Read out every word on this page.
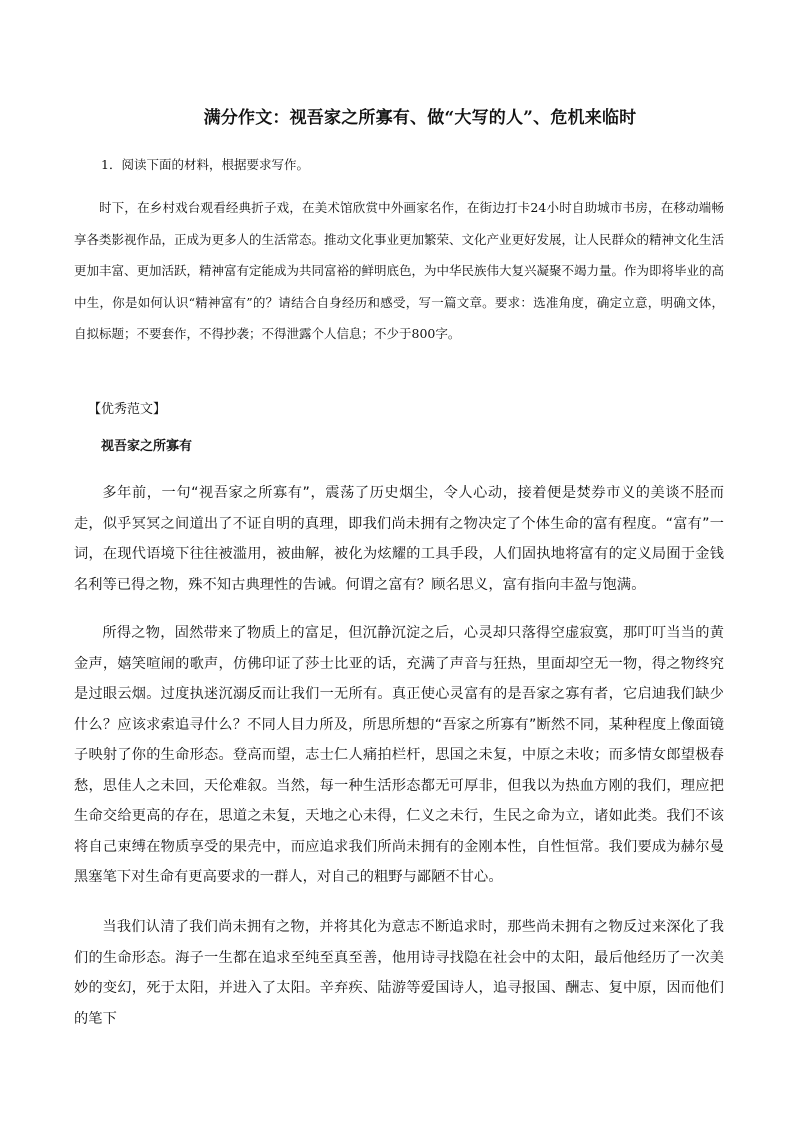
满分作文：视吾家之所寡有、做“大写的人”、危机来临时
1．阅读下面的材料，根据要求写作。

时下，在乡村戏台观看经典折子戏，在美术馆欣赏中外画家名作，在街边打卡24小时自助城市书房，在移动端畅享各类影视作品，正成为更多人的生活常态。推动文化事业更加繁荣、文化产业更好发展，让人民群众的精神文化生活更加丰富、更加活跃，精神富有定能成为共同富裕的鲜明底色，为中华民族伟大复兴凝聚不竭力量。作为即将毕业的高中生，你是如何认识“精神富有”的？请结合自身经历和感受，写一篇文章。要求：选准角度，确定立意，明确文体，自拟标题；不要套作，不得抄袭；不得泄露个人信息；不少于800字。

【优秀范文】
视吾家之所寡有

多年前，一句“视吾家之所寡有”，震荡了历史烟尘，令人心动，接着便是焚券市义的美谈不胫而走，似乎冥冥之间道出了不证自明的真理，即我们尚未拥有之物决定了个体生命的富有程度。“富有”一词，在现代语境下往往被滥用，被曲解，被化为炫耀的工具手段，人们固执地将富有的定义局囿于金钱名利等已得之物，殊不知古典理性的告诫。何谓之富有？顾名思义，富有指向丰盈与饱满。

所得之物，固然带来了物质上的富足，但沉静沉淀之后，心灵却只落得空虚寂寞，那叮叮当当的黄金声，嬉笑喧闹的歌声，仿佛印证了莎士比亚的话，充满了声音与狂热，里面却空无一物，得之物终究是过眼云烟。过度执迷沉溺反而让我们一无所有。真正使心灵富有的是吾家之寡有者，它启迪我们缺少什么？应该求索追寻什么？不同人目力所及，所思所想的“吾家之所寡有”断然不同，某种程度上像面镜子映射了你的生命形态。登高而望，志士仁人痛拍栏杆，思国之未复，中原之未收；而多情女郎望极春愁，思佳人之未回，天伦难叙。当然，每一种生活形态都无可厚非，但我以为热血方刚的我们，理应把生命交给更高的存在，思道之未复，天地之心未得，仁义之未行，生民之命为立，诸如此类。我们不该将自己束缚在物质享受的果壳中，而应追求我们所尚未拥有的金刚本性，自性恒常。我们要成为赫尔曼黑塞笔下对生命有更高要求的一群人，对自己的粗野与鄙陋不甘心。

当我们认清了我们尚未拥有之物，并将其化为意志不断追求时，那些尚未拥有之物反过来深化了我们的生命形态。海子一生都在追求至纯至真至善，他用诗寻找隐在社会中的太阳，最后他经历了一次美妙的变幻，死于太阳，并进入了太阳。辛弃疾、陆游等爱国诗人，追寻报国、酬志、复中原，因而他们的笔下
